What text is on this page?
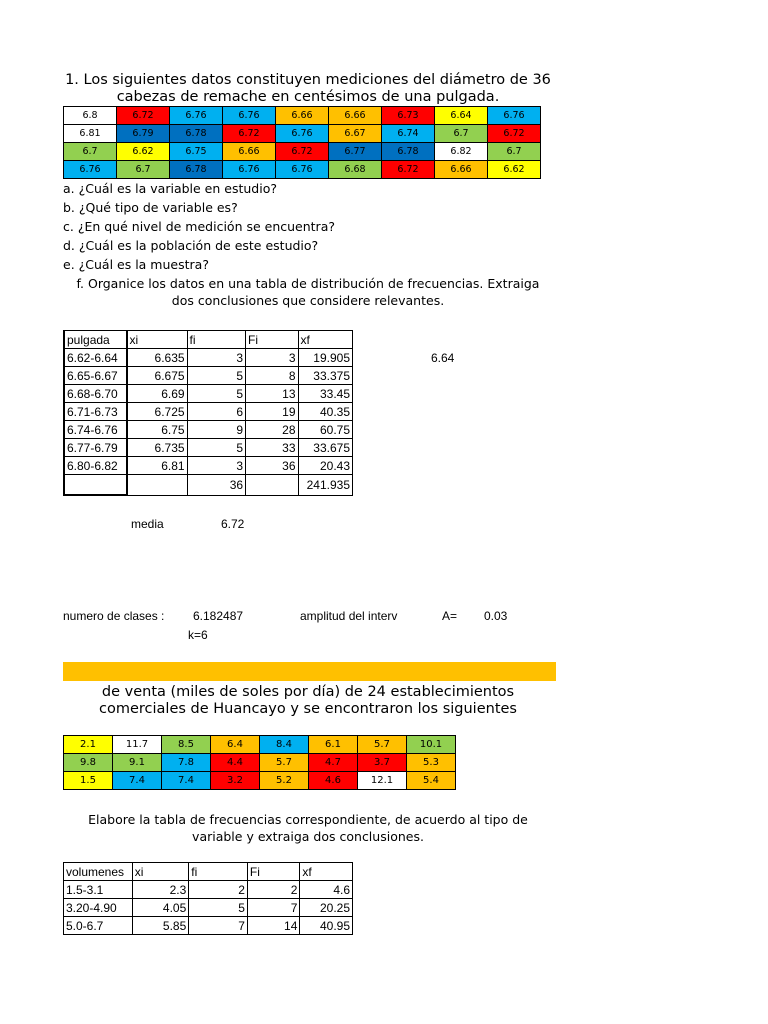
1. Los siguientes datos constituyen mediciones del diámetro de 36
cabezas de remache en centésimos de una pulgada.
6.8	6.72	6.76	6.76	6.66	6.66	6.73	6.64	6.76
6.81	6.79	6.78	6.72	6.76	6.67	6.74	6.7	6.72
6.7	6.62	6.75	6.66	6.72	6.77	6.78	6.82	6.7
6.76	6.7	6.78	6.76	6.76	6.68	6.72	6.66	6.62
a. ¿Cuál es la variable en estudio?
b. ¿Qué tipo de variable es?
c. ¿En qué nivel de medición se encuentra?
d. ¿Cuál es la población de este estudio?
e. ¿Cuál es la muestra?
f. Organice los datos en una tabla de distribución de frecuencias. Extraiga
dos conclusiones que considere relevantes.
pulgada	xi	fi	Fi	xf
6.62-6.64	6.635	3	3	19.905
6.65-6.67	6.675	5	8	33.375
6.68-6.70	6.69	5	13	33.45
6.71-6.73	6.725	6	19	40.35
6.74-6.76	6.75	9	28	60.75
6.77-6.79	6.735	5	33	33.675
6.80-6.82	6.81	3	36	20.43
		36		241.935
6.64
media	6.72
numero de clases : 6.182487
k=6
amplitud del interv	A= 0.03
de venta (miles de soles por día) de 24 establecimientos
comerciales de Huancayo y se encontraron los siguientes
2.1	11.7	8.5	6.4	8.4	6.1	5.7	10.1
9.8	9.1	7.8	4.4	5.7	4.7	3.7	5.3
1.5	7.4	7.4	3.2	5.2	4.6	12.1	5.4
Elabore la tabla de frecuencias correspondiente, de acuerdo al tipo de
variable y extraiga dos conclusiones.
volumenes	xi	fi	Fi	xf
1.5-3.1	2.3	2	2	4.6
3.20-4.90	4.05	5	7	20.25
5.0-6.7	5.85	7	14	40.95
